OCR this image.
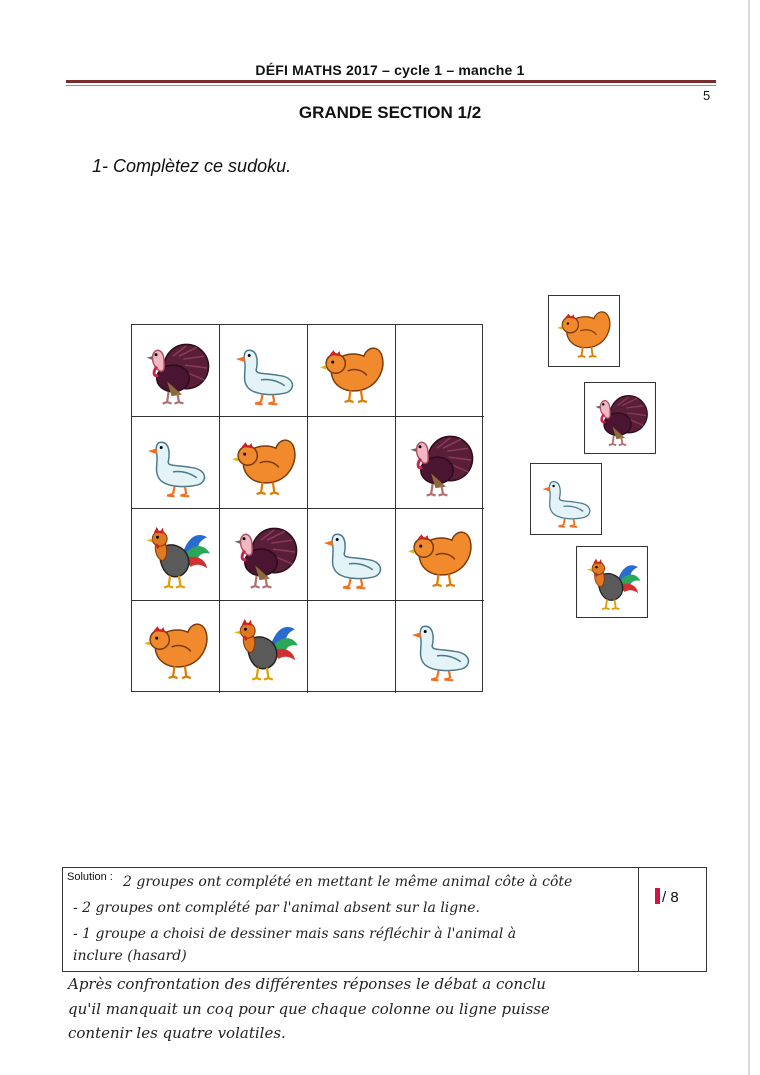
DÉFI MATHS 2017 – cycle 1 – manche 1
5
GRANDE SECTION 1/2
1- Complètez ce sudoku.
Solution : 2 groupes ont complété en mettant le même animal côte à côte
- 2 groupes ont complété par l'animal absent sur la ligne.
- 1 groupe a choisi de dessiner mais sans réfléchir à l'animal à
inclure (hasard)
/ 8
Après confrontation des différentes réponses le débat a conclu
qu'il manquait un coq pour que chaque colonne ou ligne puisse
contenir les quatre volatiles.
